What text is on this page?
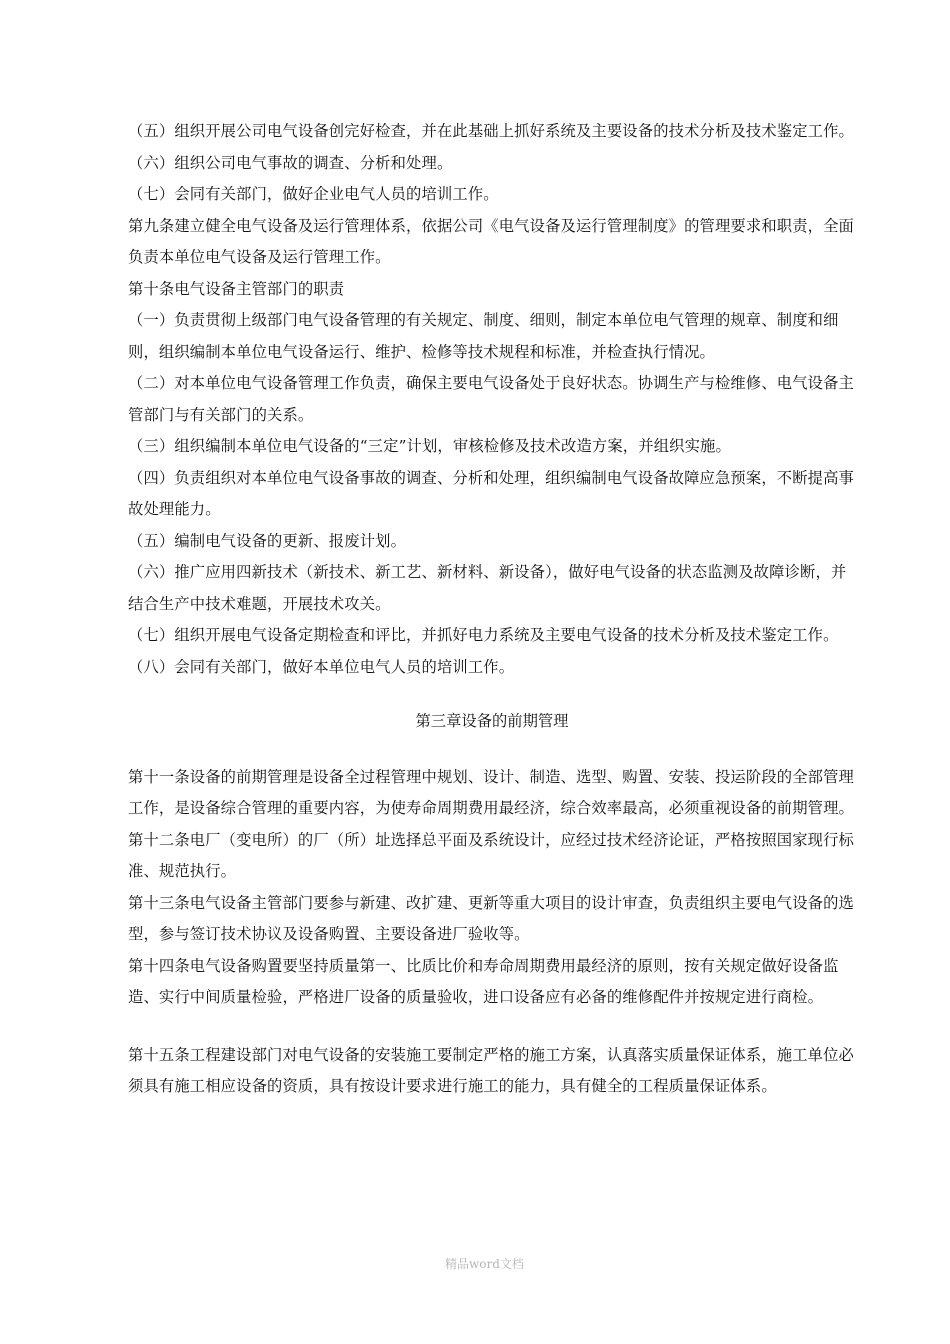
（五）组织开展公司电气设备创完好检查，并在此基础上抓好系统及主要设备的技术分析及技术鉴定工作。

（六）组织公司电气事故的调查、分析和处理。

（七）会同有关部门，做好企业电气人员的培训工作。

第九条建立健全电气设备及运行管理体系，依据公司《电气设备及运行管理制度》的管理要求和职责，全面负责本单位电气设备及运行管理工作。

第十条电气设备主管部门的职责

（一）负责贯彻上级部门电气设备管理的有关规定、制度、细则，制定本单位电气管理的规章、制度和细则，组织编制本单位电气设备运行、维护、检修等技术规程和标准，并检查执行情况。

（二）对本单位电气设备管理工作负责，确保主要电气设备处于良好状态。协调生产与检维修、电气设备主管部门与有关部门的关系。

（三）组织编制本单位电气设备的“三定”计划，审核检修及技术改造方案，并组织实施。

（四）负责组织对本单位电气设备事故的调查、分析和处理，组织编制电气设备故障应急预案，不断提高事故处理能力。

（五）编制电气设备的更新、报废计划。

（六）推广应用四新技术（新技术、新工艺、新材料、新设备），做好电气设备的状态监测及故障诊断，并结合生产中技术难题，开展技术攻关。

（七）组织开展电气设备定期检查和评比，并抓好电力系统及主要电气设备的技术分析及技术鉴定工作。

（八）会同有关部门，做好本单位电气人员的培训工作。

第三章设备的前期管理

第十一条设备的前期管理是设备全过程管理中规划、设计、制造、选型、购置、安装、投运阶段的全部管理工作，是设备综合管理的重要内容，为使寿命周期费用最经济，综合效率最高，必须重视设备的前期管理。

第十二条电厂（变电所）的厂（所）址选择总平面及系统设计，应经过技术经济论证，严格按照国家现行标准、规范执行。

第十三条电气设备主管部门要参与新建、改扩建、更新等重大项目的设计审查，负责组织主要电气设备的选型，参与签订技术协议及设备购置、主要设备进厂验收等。

第十四条电气设备购置要坚持质量第一、比质比价和寿命周期费用最经济的原则，按有关规定做好设备监造、实行中间质量检验，严格进厂设备的质量验收，进口设备应有必备的维修配件并按规定进行商检。

第十五条工程建设部门对电气设备的安装施工要制定严格的施工方案，认真落实质量保证体系，施工单位必须具有施工相应设备的资质，具有按设计要求进行施工的能力，具有健全的工程质量保证体系。

精品word文档
